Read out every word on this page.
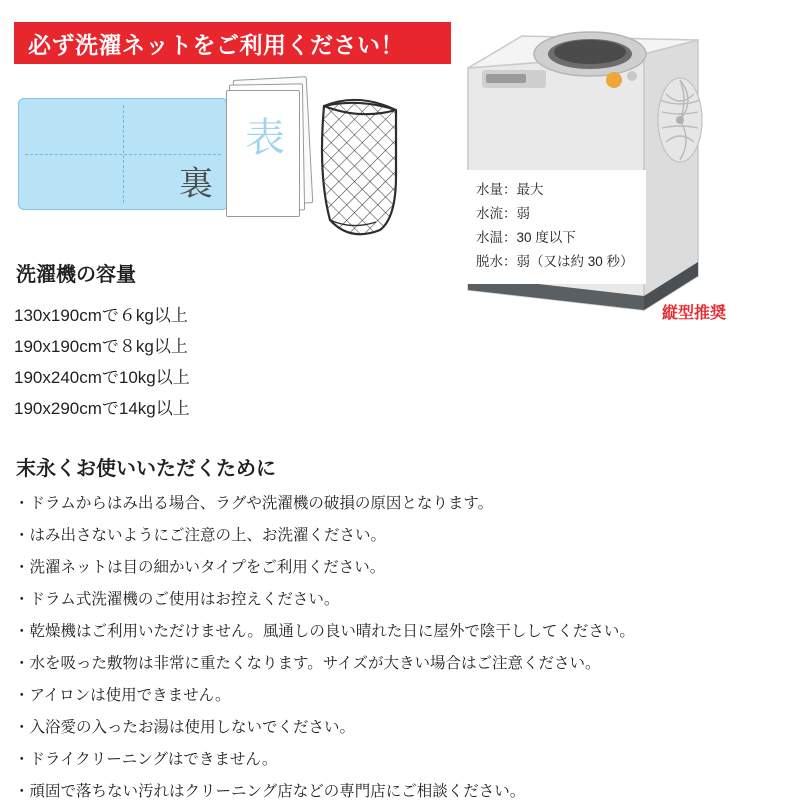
必ず洗濯ネットをご利用ください！
裏
表
水量：最大
水流：弱
水温：30 度以下
脱水：弱（又は約 30 秒）
縦型推奨
洗濯機の容量
130x190cmで６kg以上
190x190cmで８kg以上
190x240cmで10kg以上
190x290cmで14kg以上
末永くお使いいただくために
・ドラムからはみ出る場合、ラグや洗濯機の破損の原因となります。
・はみ出さないようにご注意の上、お洗濯ください。
・洗濯ネットは目の細かいタイプをご利用ください。
・ドラム式洗濯機のご使用はお控えください。
・乾燥機はご利用いただけません。風通しの良い晴れた日に屋外で陰干ししてください。
・水を吸った敷物は非常に重たくなります。サイズが大きい場合はご注意ください。
・アイロンは使用できません。
・入浴愛の入ったお湯は使用しないでください。
・ドライクリーニングはできません。
・頑固で落ちない汚れはクリーニング店などの専門店にご相談ください。
